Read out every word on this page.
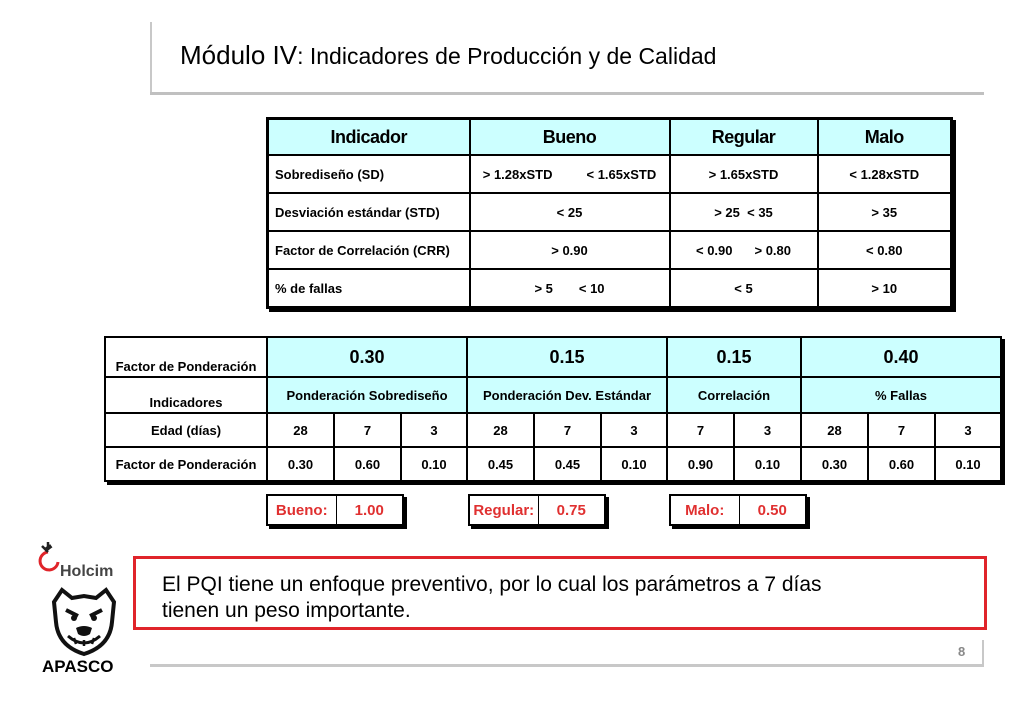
Módulo IV: Indicadores de Producción y de Calidad
Indicador	Bueno	Regular	Malo
Sobrediseño (SD)	> 1.28xSTD < 1.65xSTD	> 1.65xSTD	< 1.28xSTD
Desviación estándar (STD)	< 25	> 25 < 35	> 35
Factor de Correlación (CRR)	> 0.90	< 0.90 > 0.80	< 0.80
% de fallas	> 5 < 10	< 5	> 10
Factor de Ponderación	0.30			0.15			0.15		0.40		
Indicadores	Ponderación Sobrediseño			Ponderación Dev. Estándar			Correlación		% Fallas		
Edad (días)	28	7	3	28	7	3	7	3	28	7	3
Factor de Ponderación	0.30	0.60	0.10	0.45	0.45	0.10	0.90	0.10	0.30	0.60	0.10
Bueno:	1.00	Regular:	0.75	Malo:	0.50
Holcim
APASCO
El PQI tiene un enfoque preventivo, por lo cual los parámetros a 7 días
tienen un peso importante.
8
